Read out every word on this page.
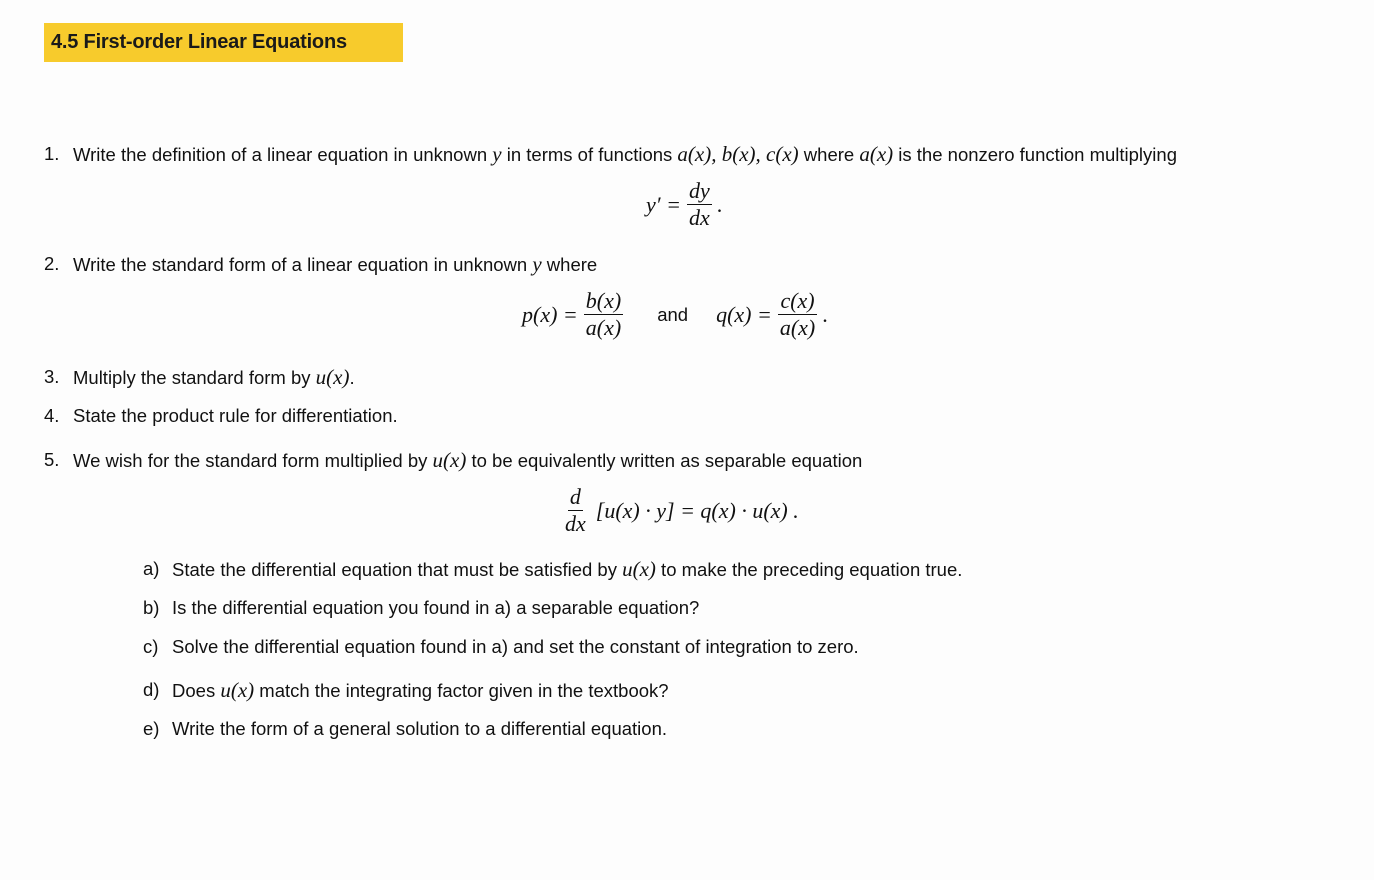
4.5 First-order Linear Equations
1. Write the definition of a linear equation in unknown y in terms of functions a(x), b(x), c(x) where a(x) is the nonzero function multiplying
$y' = \frac{dy}{dx}$ .
2. Write the standard form of a linear equation in unknown y where
$p(x) = \frac{b(x)}{a(x)}$ and $q(x) = \frac{c(x)}{a(x)}$ .
3. Multiply the standard form by u(x).
4. State the product rule for differentiation.
5. We wish for the standard form multiplied by u(x) to be equivalently written as separable equation
$\frac{d}{dx} [u(x) \cdot y] = q(x) \cdot u(x)$ .
a) State the differential equation that must be satisfied by u(x) to make the preceding equation true.
b) Is the differential equation you found in a) a separable equation?
c) Solve the differential equation found in a) and set the constant of integration to zero.
d) Does u(x) match the integrating factor given in the textbook?
e) Write the form of a general solution to a differential equation.
